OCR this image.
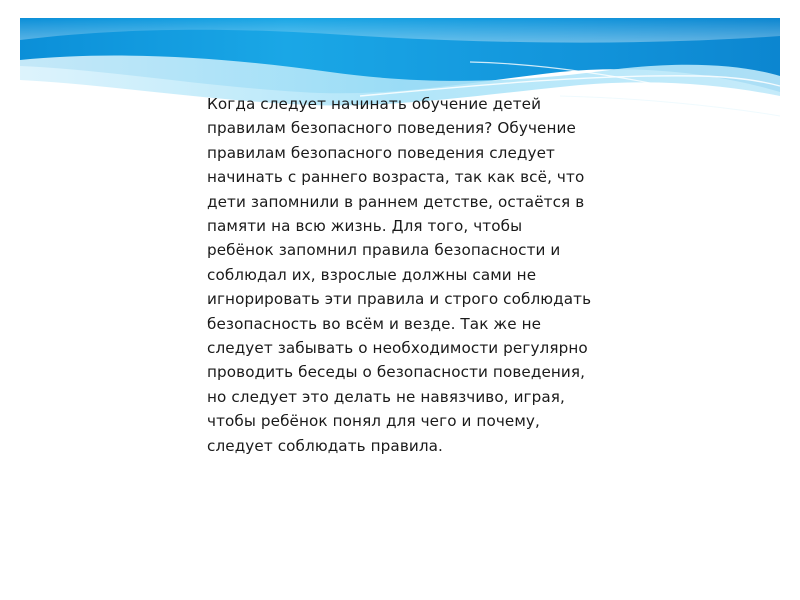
Когда следует начинать обучение детей правилам безопасного поведения? Обучение правилам безопасного поведения следует начинать с раннего возраста, так как всё, что дети запомнили в раннем детстве, остаётся в памяти на всю жизнь. Для того, чтобы ребёнок запомнил правила безопасности и соблюдал их, взрослые должны сами не игнорировать эти правила и строго соблюдать безопасность во всём и везде. Так же не следует забывать о необходимости регулярно проводить беседы о безопасности поведения, но следует это делать не навязчиво, играя, чтобы ребёнок понял для чего и почему, следует соблюдать правила.
